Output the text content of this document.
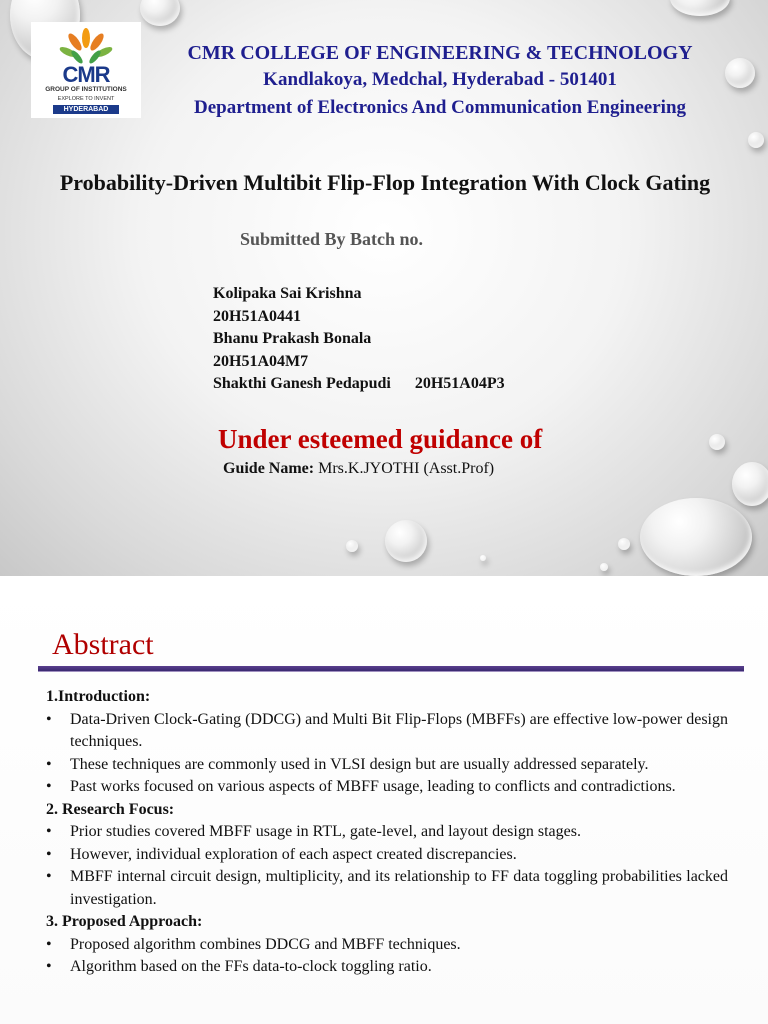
CMR
GROUP OF INSTITUTIONS
EXPLORE TO INVENT
HYDERABAD
CMR COLLEGE OF ENGINEERING & TECHNOLOGY
Kandlakoya, Medchal, Hyderabad - 501401
Department of Electronics And Communication Engineering
Probability-Driven Multibit Flip-Flop Integration With Clock Gating
Submitted By Batch no.
Kolipaka Sai Krishna
20H51A0441
Bhanu Prakash Bonala
20H51A04M7
Shakthi Ganesh Pedapudi      20H51A04P3
Under esteemed guidance of
Guide Name: Mrs.K.JYOTHI (Asst.Prof)
Abstract
1.Introduction:
• Data-Driven Clock-Gating (DDCG) and Multi Bit Flip-Flops (MBFFs) are effective low-power design techniques.
• These techniques are commonly used in VLSI design but are usually addressed separately.
• Past works focused on various aspects of MBFF usage, leading to conflicts and contradictions.
2. Research Focus:
• Prior studies covered MBFF usage in RTL, gate-level, and layout design stages.
• However, individual exploration of each aspect created discrepancies.
• MBFF internal circuit design, multiplicity, and its relationship to FF data toggling probabilities lacked investigation.
3. Proposed Approach:
• Proposed algorithm combines DDCG and MBFF techniques.
• Algorithm based on the FFs data-to-clock toggling ratio.
